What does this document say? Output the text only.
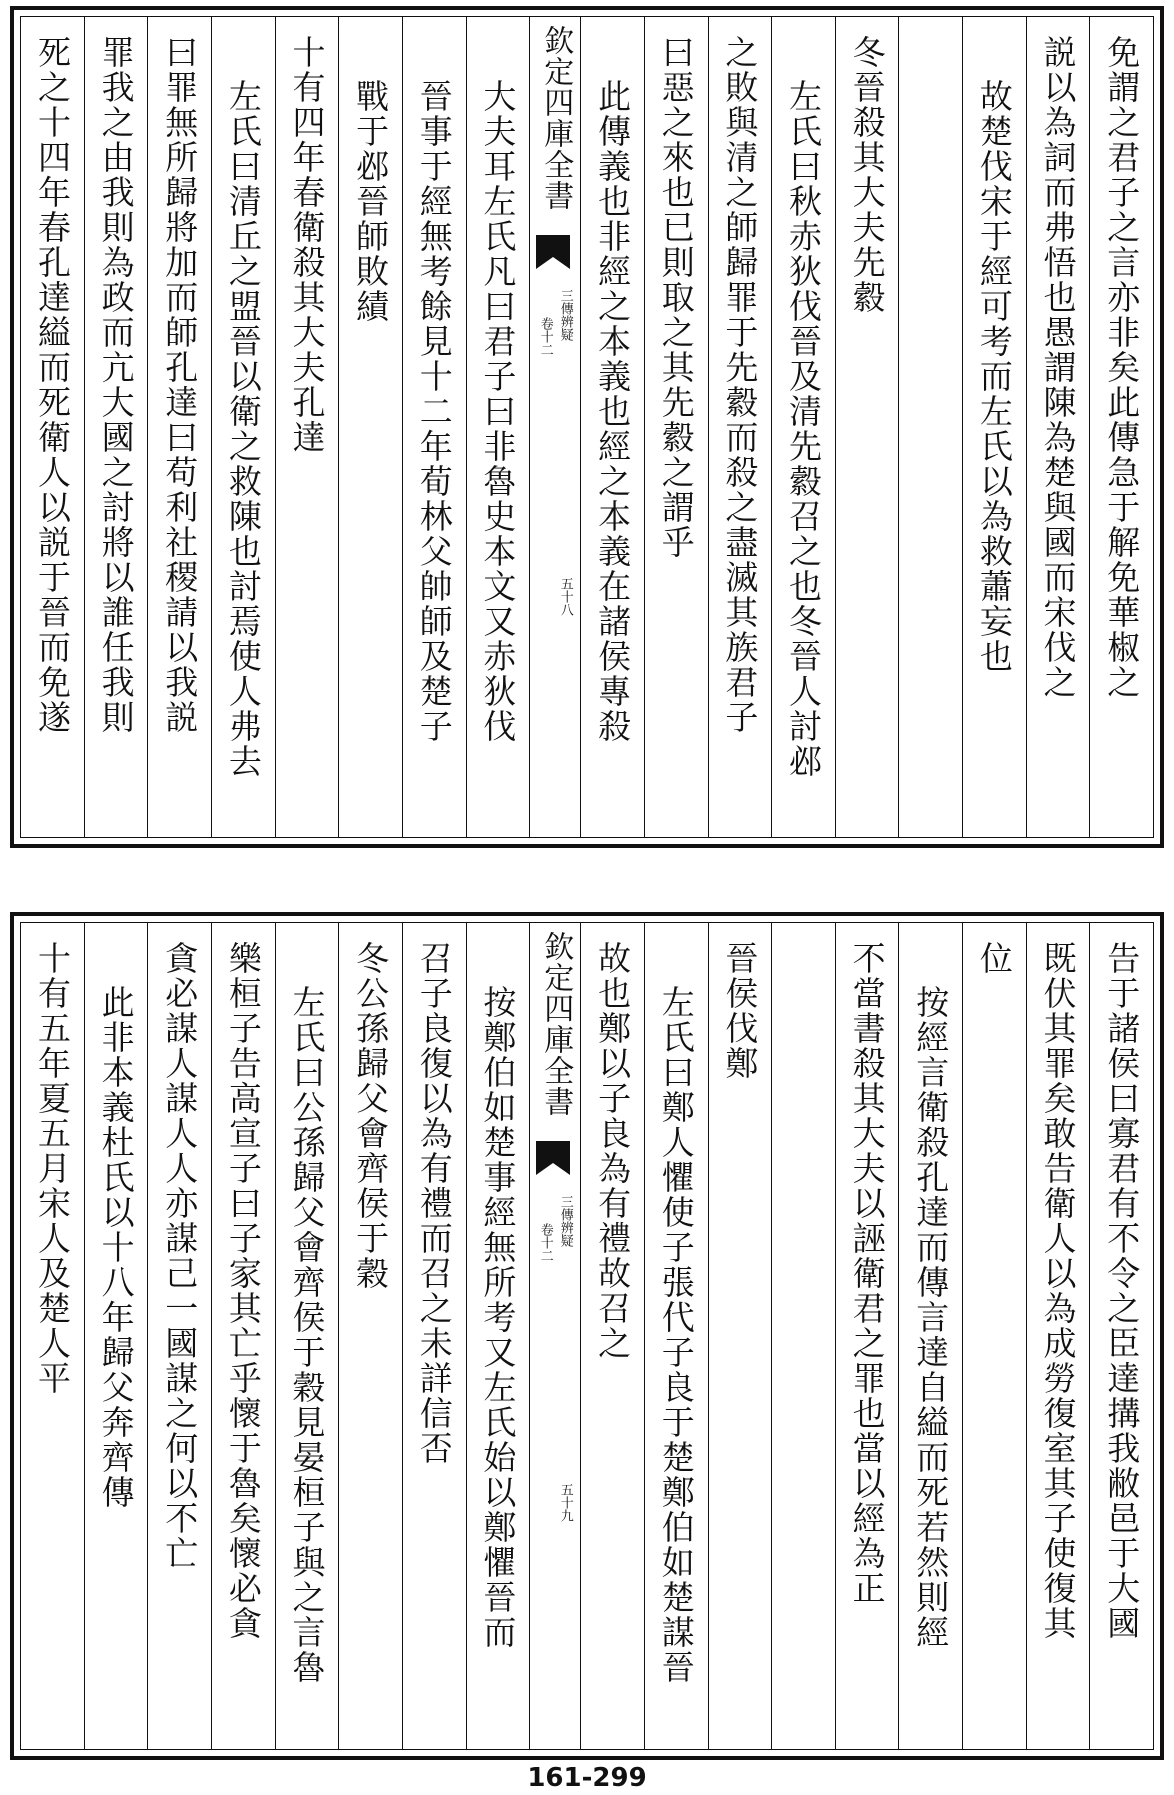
免謂之君子之言亦非矣此傳急于解免華椒之
説以為詞而弗悟也愚謂陳為楚與國而宋伐之
故楚伐宋于經可考而左氏以為救蕭妄也
冬晉殺其大夫先縠
左氏曰秋赤狄伐晉及清先縠召之也冬晉人討邲
之敗與清之師歸罪于先縠而殺之盡滅其族君子
曰惡之來也已則取之其先縠之謂乎
此傳義也非經之本義也經之本義在諸侯專殺
欽定四庫全書
三傳辨疑
卷十二
五十八
大夫耳左氏凡曰君子曰非魯史本文又赤狄伐
晉事于經無考餘見十二年荀林父帥師及楚子
戰于邲晉師敗績
十有四年春衛殺其大夫孔達
左氏曰清丘之盟晉以衛之救陳也討焉使人弗去
曰罪無所歸將加而師孔達曰苟利社稷請以我説
罪我之由我則為政而亢大國之討將以誰任我則
死之十四年春孔達縊而死衛人以説于晉而免遂
告于諸侯曰寡君有不令之臣達搆我敝邑于大國
既伏其罪矣敢告衛人以為成勞復室其子使復其
位
按經言衛殺孔達而傳言達自縊而死若然則經
不當書殺其大夫以誣衛君之罪也當以經為正
晉侯伐鄭
左氏曰鄭人懼使子張代子良于楚鄭伯如楚謀晉
故也鄭以子良為有禮故召之
欽定四庫全書
三傳辨疑
卷十二
五十九
按鄭伯如楚事經無所考又左氏始以鄭懼晉而
召子良復以為有禮而召之未詳信否
冬公孫歸父會齊侯于穀
左氏曰公孫歸父會齊侯于穀見晏桓子與之言魯
樂桓子告高宣子曰子家其亡乎懷于魯矣懷必貪
貪必謀人謀人人亦謀己一國謀之何以不亡
此非本義杜氏以十八年歸父奔齊傳
十有五年夏五月宋人及楚人平
161-299
